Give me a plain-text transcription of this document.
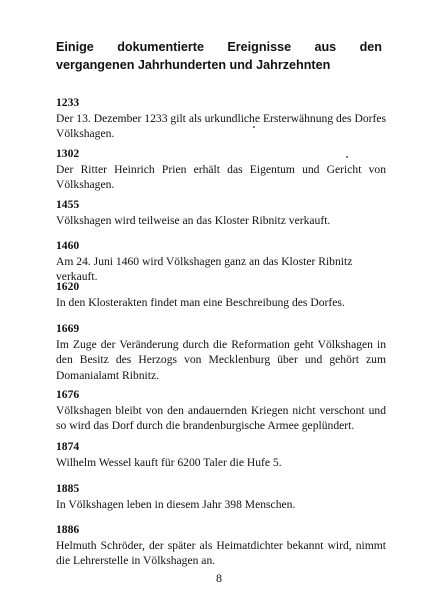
Einige dokumentierte Ereignisse aus den
vergangenen Jahrhunderten und Jahrzehnten
1233
Der 13. Dezember 1233 gilt als urkundliche Ersterwähnung des Dorfes Völkshagen.
1302
Der Ritter Heinrich Prien erhält das Eigentum und Gericht von Völkshagen.
1455
Völkshagen wird teilweise an das Kloster Ribnitz verkauft.
1460
Am 24. Juni 1460 wird Völkshagen ganz an das Kloster Ribnitz verkauft.
1620
In den Klosterakten findet man eine Beschreibung des Dorfes.
1669
Im Zuge der Veränderung durch die Reformation geht Völkshagen in den Besitz des Herzogs von Mecklenburg über und gehört zum Domanialamt Ribnitz.
1676
Völkshagen bleibt von den andauernden Kriegen nicht verschont und so wird das Dorf durch die brandenburgische Armee geplündert.
1874
Wilhelm Wessel kauft für 6200 Taler die Hufe 5.
1885
In Völkshagen leben in diesem Jahr 398 Menschen.
1886
Helmuth Schröder, der später als Heimatdichter bekannt wird, nimmt die Lehrerstelle in Völkshagen an.
8
